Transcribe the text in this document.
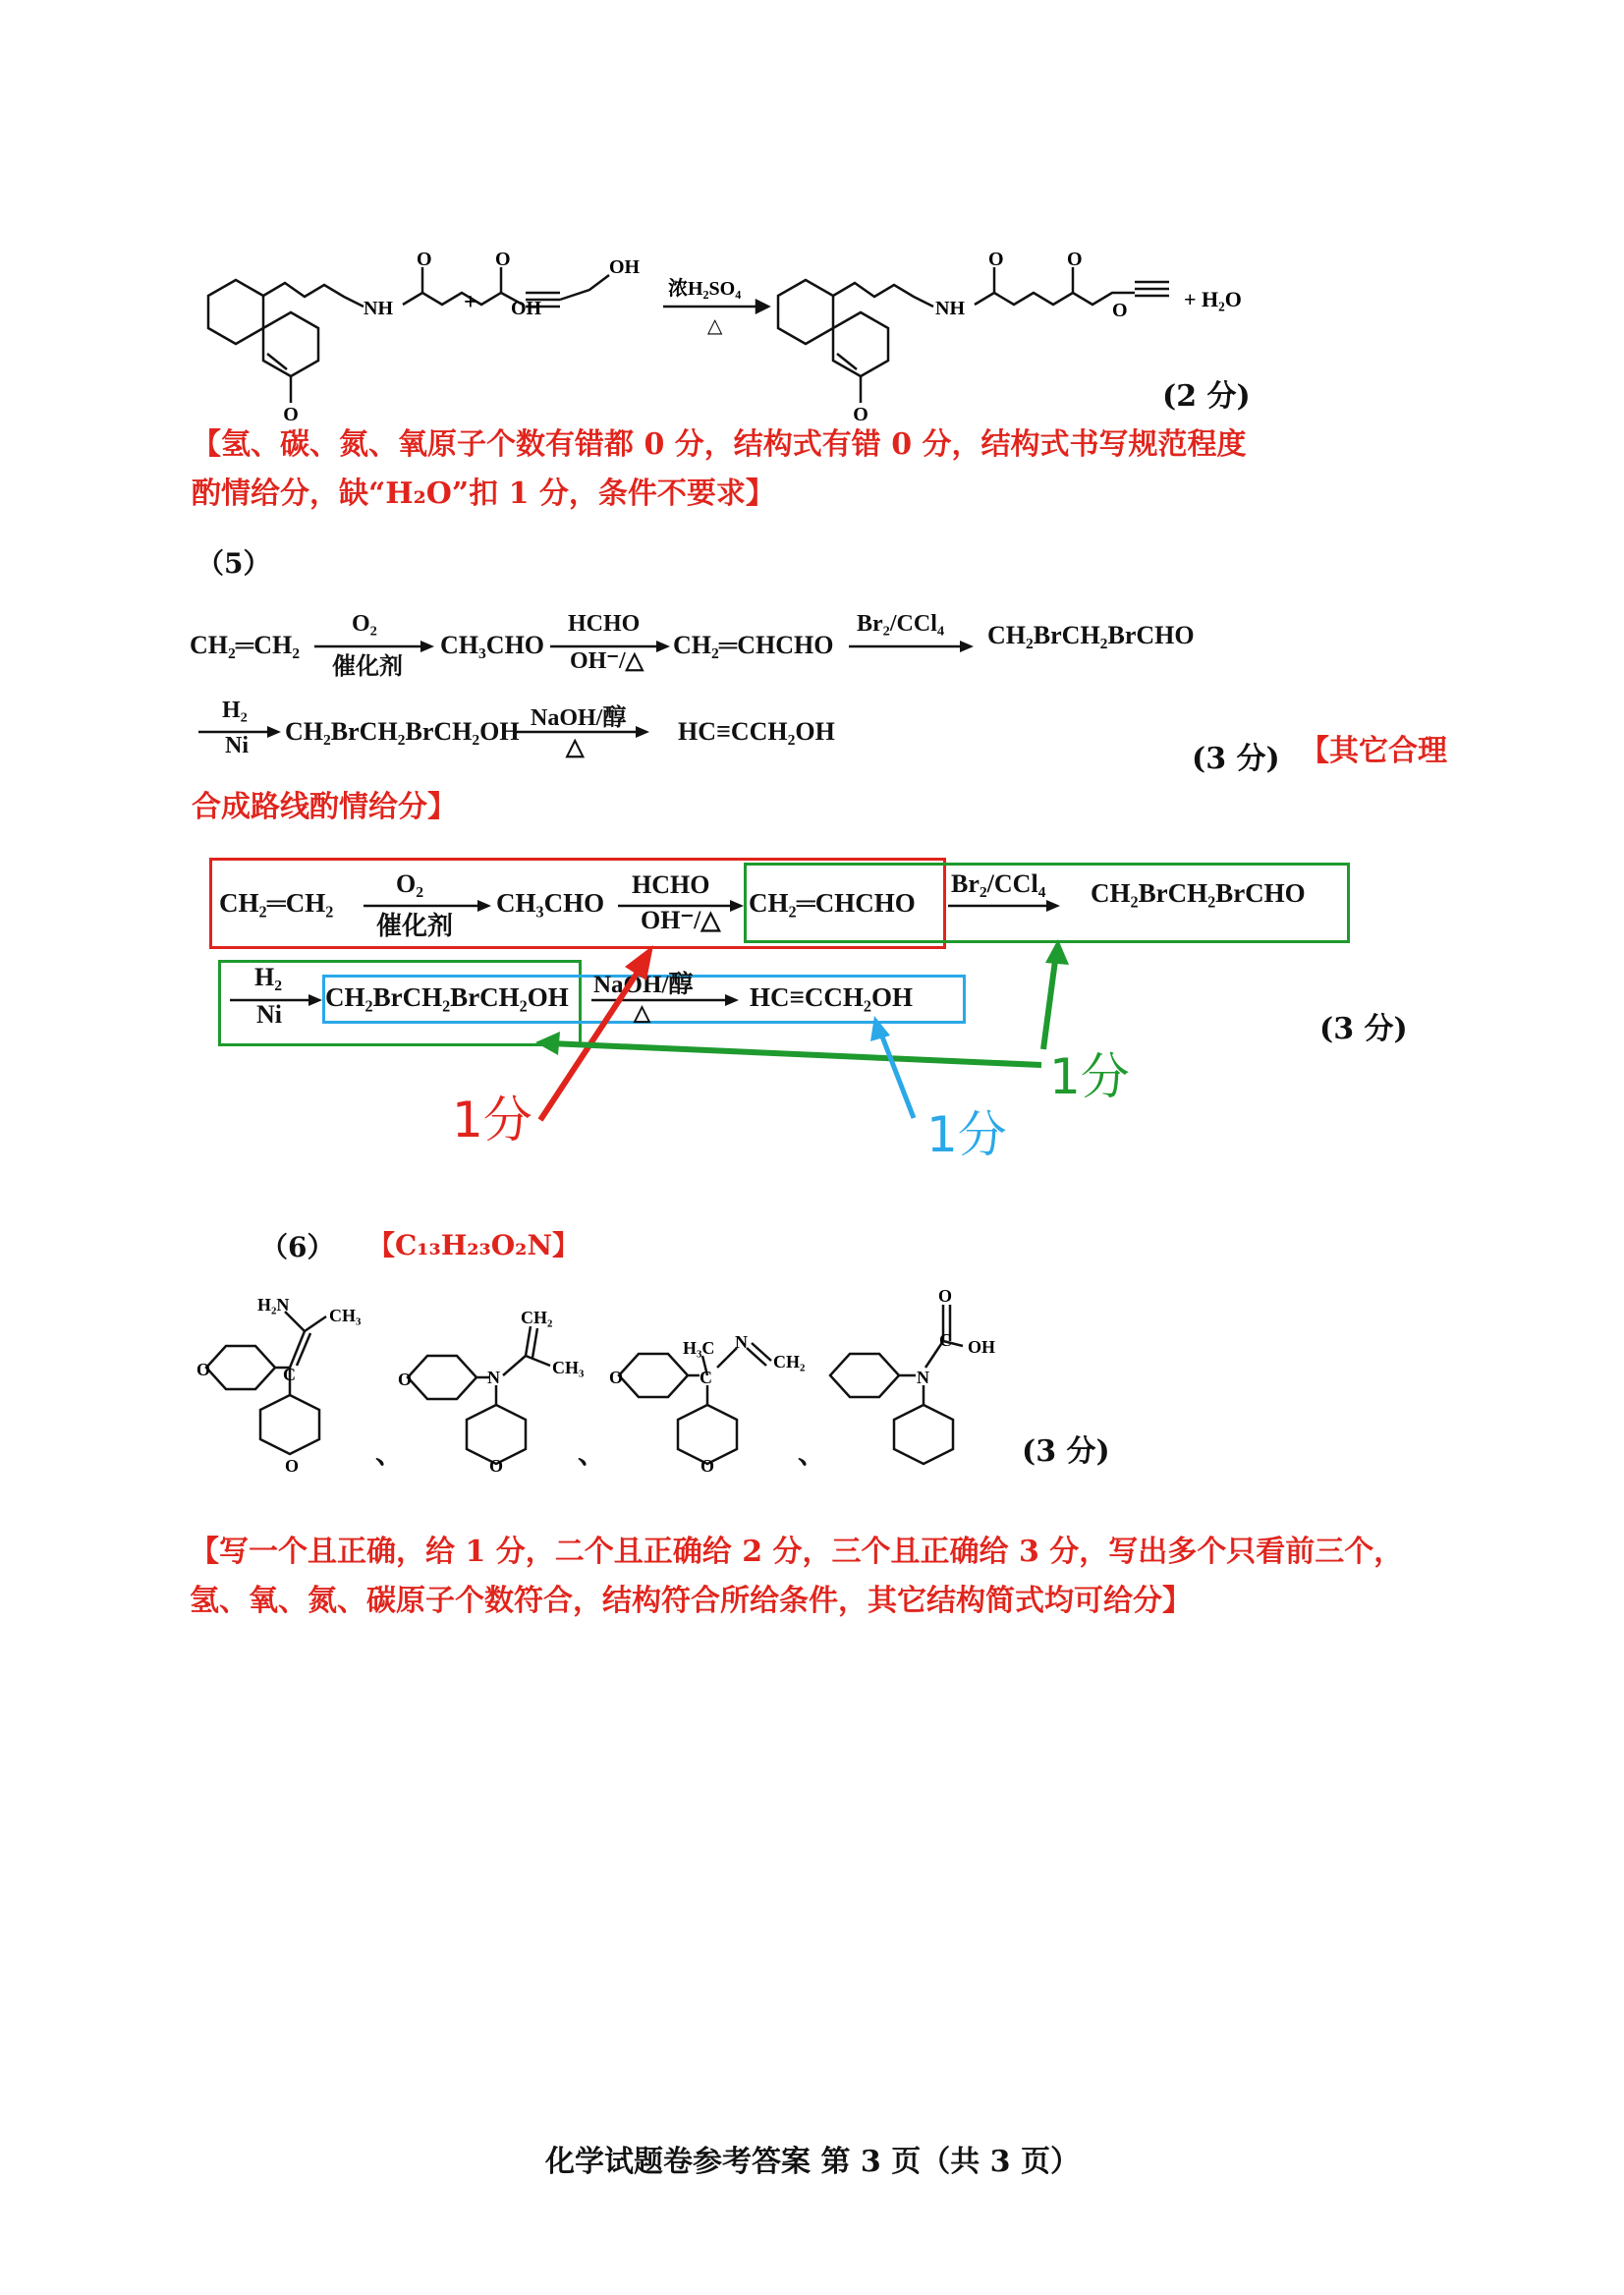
O
NH
O	O
OH
+
OH
浓H₂SO₄
△
O
NH
O	O
O	+ H₂O
(2 分)
【氢、碳、氮、氧原子个数有错都 0 分，结构式有错 0 分，结构式书写规范程度酌情给分，缺“H₂O”扣 1 分，条件不要求】
（5）
CH₂═CH₂
O₂
催化剂
CH₃CHO
HCHO
OH⁻/△
CH₂═CHCHO
Br₂/CCl₄ CH₂BrCH₂BrCHO
H₂
Ni CH₂BrCH₂BrCH₂OH NaOH/醇
△
HC≡CCH₂OH
(3 分) 【其它合理
合成路线酌情给分】
CH₂═CH₂
O₂
催化剂
CH₃CHO
HCHO
OH⁻/△
CH₂═CHCHO
Br₂/CCl₄ CH₂BrCH₂BrCHO
H₂
Ni
CH₂BrCH₂BrCH₂OH NaOH/醇
△
HC≡CCH₂OH
(3 分)
1分
1分
1分
（6） 【C₁₃H₂₃O₂N】
O
O
H₂N
CH₃
C	O	N
CH₂
CH₃
O
O	C
H₃C N
CH₂
O
N
O
C OH
、	、	、	(3 分)
【写一个且正确，给 1 分，二个且正确给 2 分，三个且正确给 3 分，写出多个只看前三个，氢、氧、氮、碳原子个数符合，结构符合所给条件，其它结构简式均可给分】
化学试题卷参考答案 第 3 页（共 3 页）
